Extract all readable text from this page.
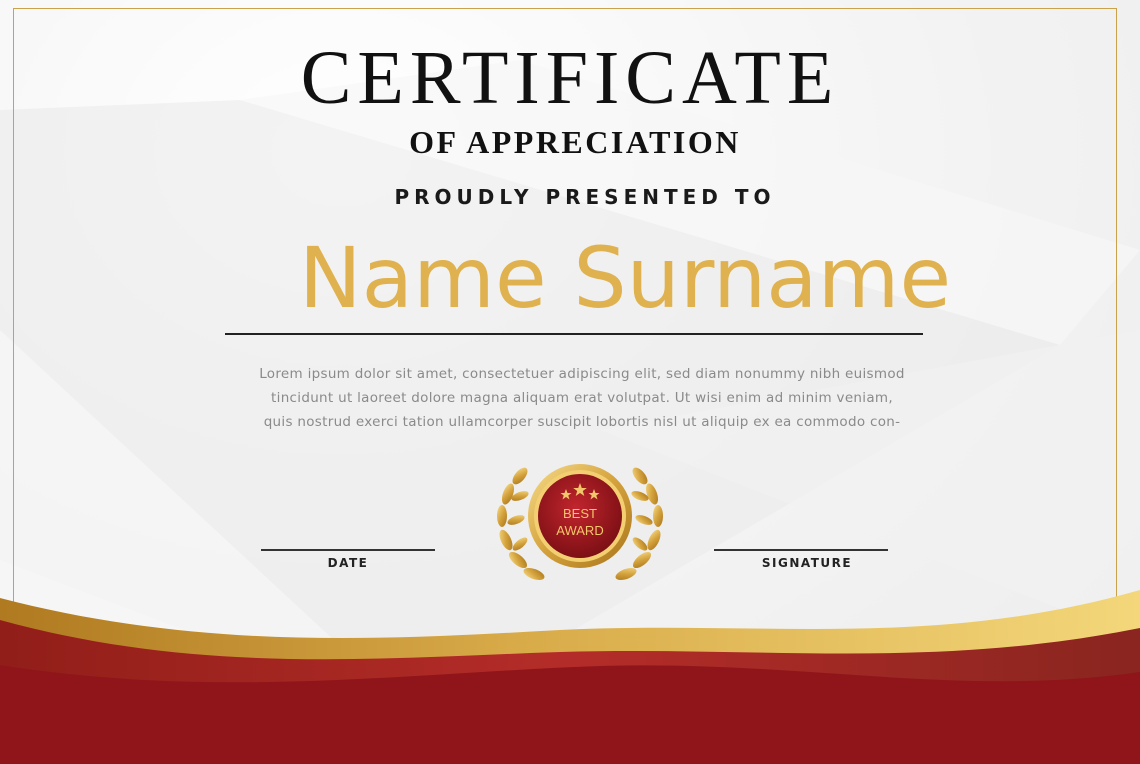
CERTIFICATE
OF APPRECIATION
PROUDLY PRESENTED TO
Name Surname
Lorem ipsum dolor sit amet, consectetuer adipiscing elit, sed diam nonummy nibh euismod
tincidunt ut laoreet dolore magna aliquam erat volutpat. Ut wisi enim ad minim veniam,
quis nostrud exerci tation ullamcorper suscipit lobortis nisl ut aliquip ex ea commodo con-
DATE	SIGNATURE
BEST
AWARD
